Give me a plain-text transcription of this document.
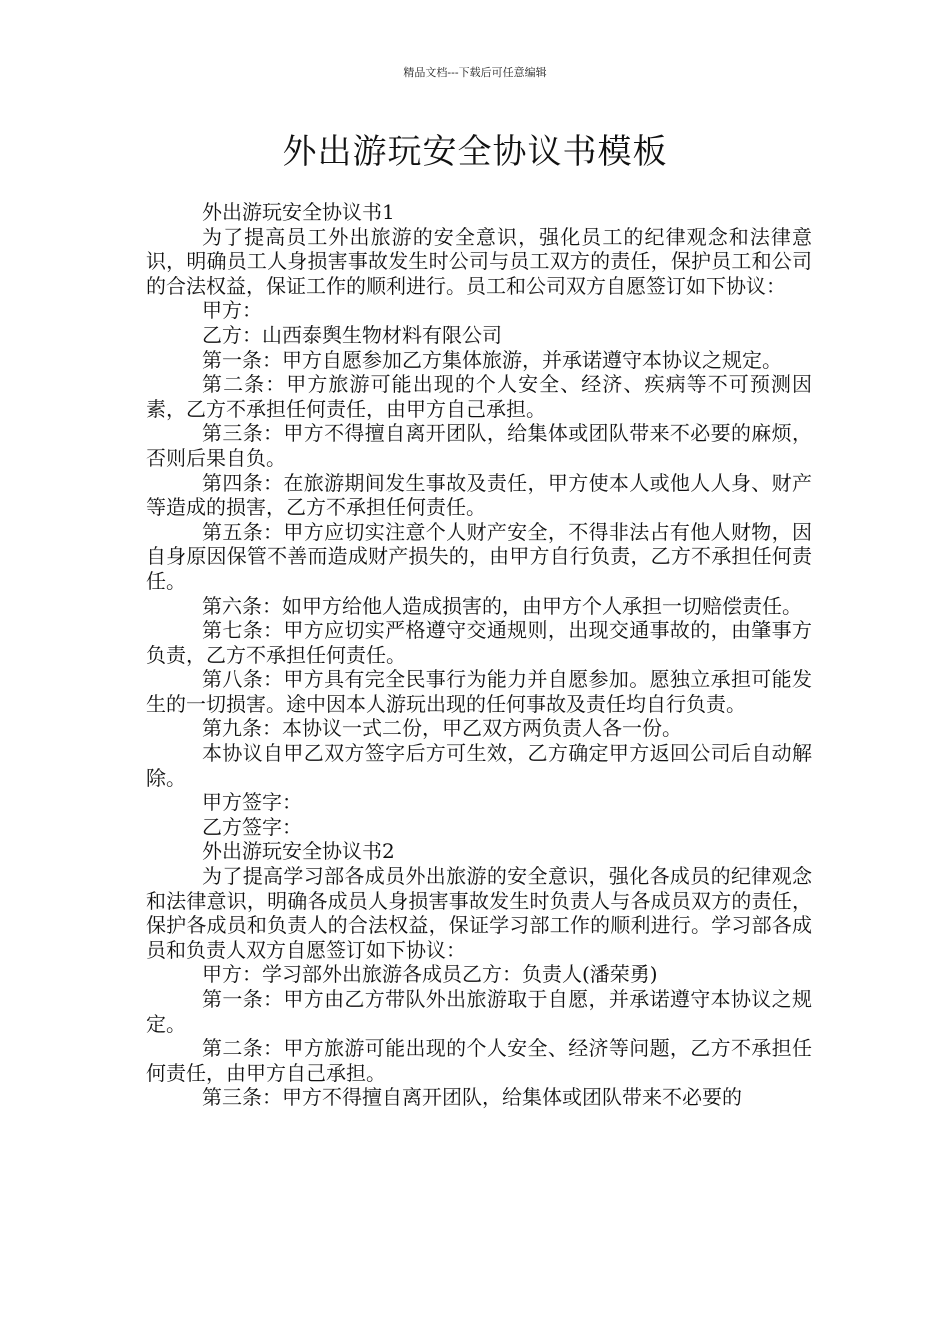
精品文档---下载后可任意编辑
外出游玩安全协议书模板

外出游玩安全协议书1

为了提高员工外出旅游的安全意识，强化员工的纪律观念和法律意识，明确员工人身损害事故发生时公司与员工双方的责任，保护员工和公司的合法权益，保证工作的顺利进行。员工和公司双方自愿签订如下协议：

甲方：

乙方：山西泰舆生物材料有限公司

第一条：甲方自愿参加乙方集体旅游，并承诺遵守本协议之规定。

第二条：甲方旅游可能出现的个人安全、经济、疾病等不可预测因素，乙方不承担任何责任，由甲方自己承担。

第三条：甲方不得擅自离开团队，给集体或团队带来不必要的麻烦，否则后果自负。

第四条：在旅游期间发生事故及责任，甲方使本人或他人人身、财产等造成的损害，乙方不承担任何责任。

第五条：甲方应切实注意个人财产安全，不得非法占有他人财物，因自身原因保管不善而造成财产损失的，由甲方自行负责，乙方不承担任何责任。

第六条：如甲方给他人造成损害的，由甲方个人承担一切赔偿责任。

第七条：甲方应切实严格遵守交通规则，出现交通事故的，由肇事方负责，乙方不承担任何责任。

第八条：甲方具有完全民事行为能力并自愿参加。愿独立承担可能发生的一切损害。途中因本人游玩出现的任何事故及责任均自行负责。

第九条：本协议一式二份，甲乙双方两负责人各一份。

本协议自甲乙双方签字后方可生效，乙方确定甲方返回公司后自动解除。

甲方签字：

乙方签字：

外出游玩安全协议书2

为了提高学习部各成员外出旅游的安全意识，强化各成员的纪律观念和法律意识，明确各成员人身损害事故发生时负责人与各成员双方的责任，保护各成员和负责人的合法权益，保证学习部工作的顺利进行。学习部各成员和负责人双方自愿签订如下协议：

甲方：学习部外出旅游各成员乙方：负责人(潘荣勇)

第一条：甲方由乙方带队外出旅游取于自愿，并承诺遵守本协议之规定。

第二条：甲方旅游可能出现的个人安全、经济等问题，乙方不承担任何责任，由甲方自己承担。

第三条：甲方不得擅自离开团队，给集体或团队带来不必要的
